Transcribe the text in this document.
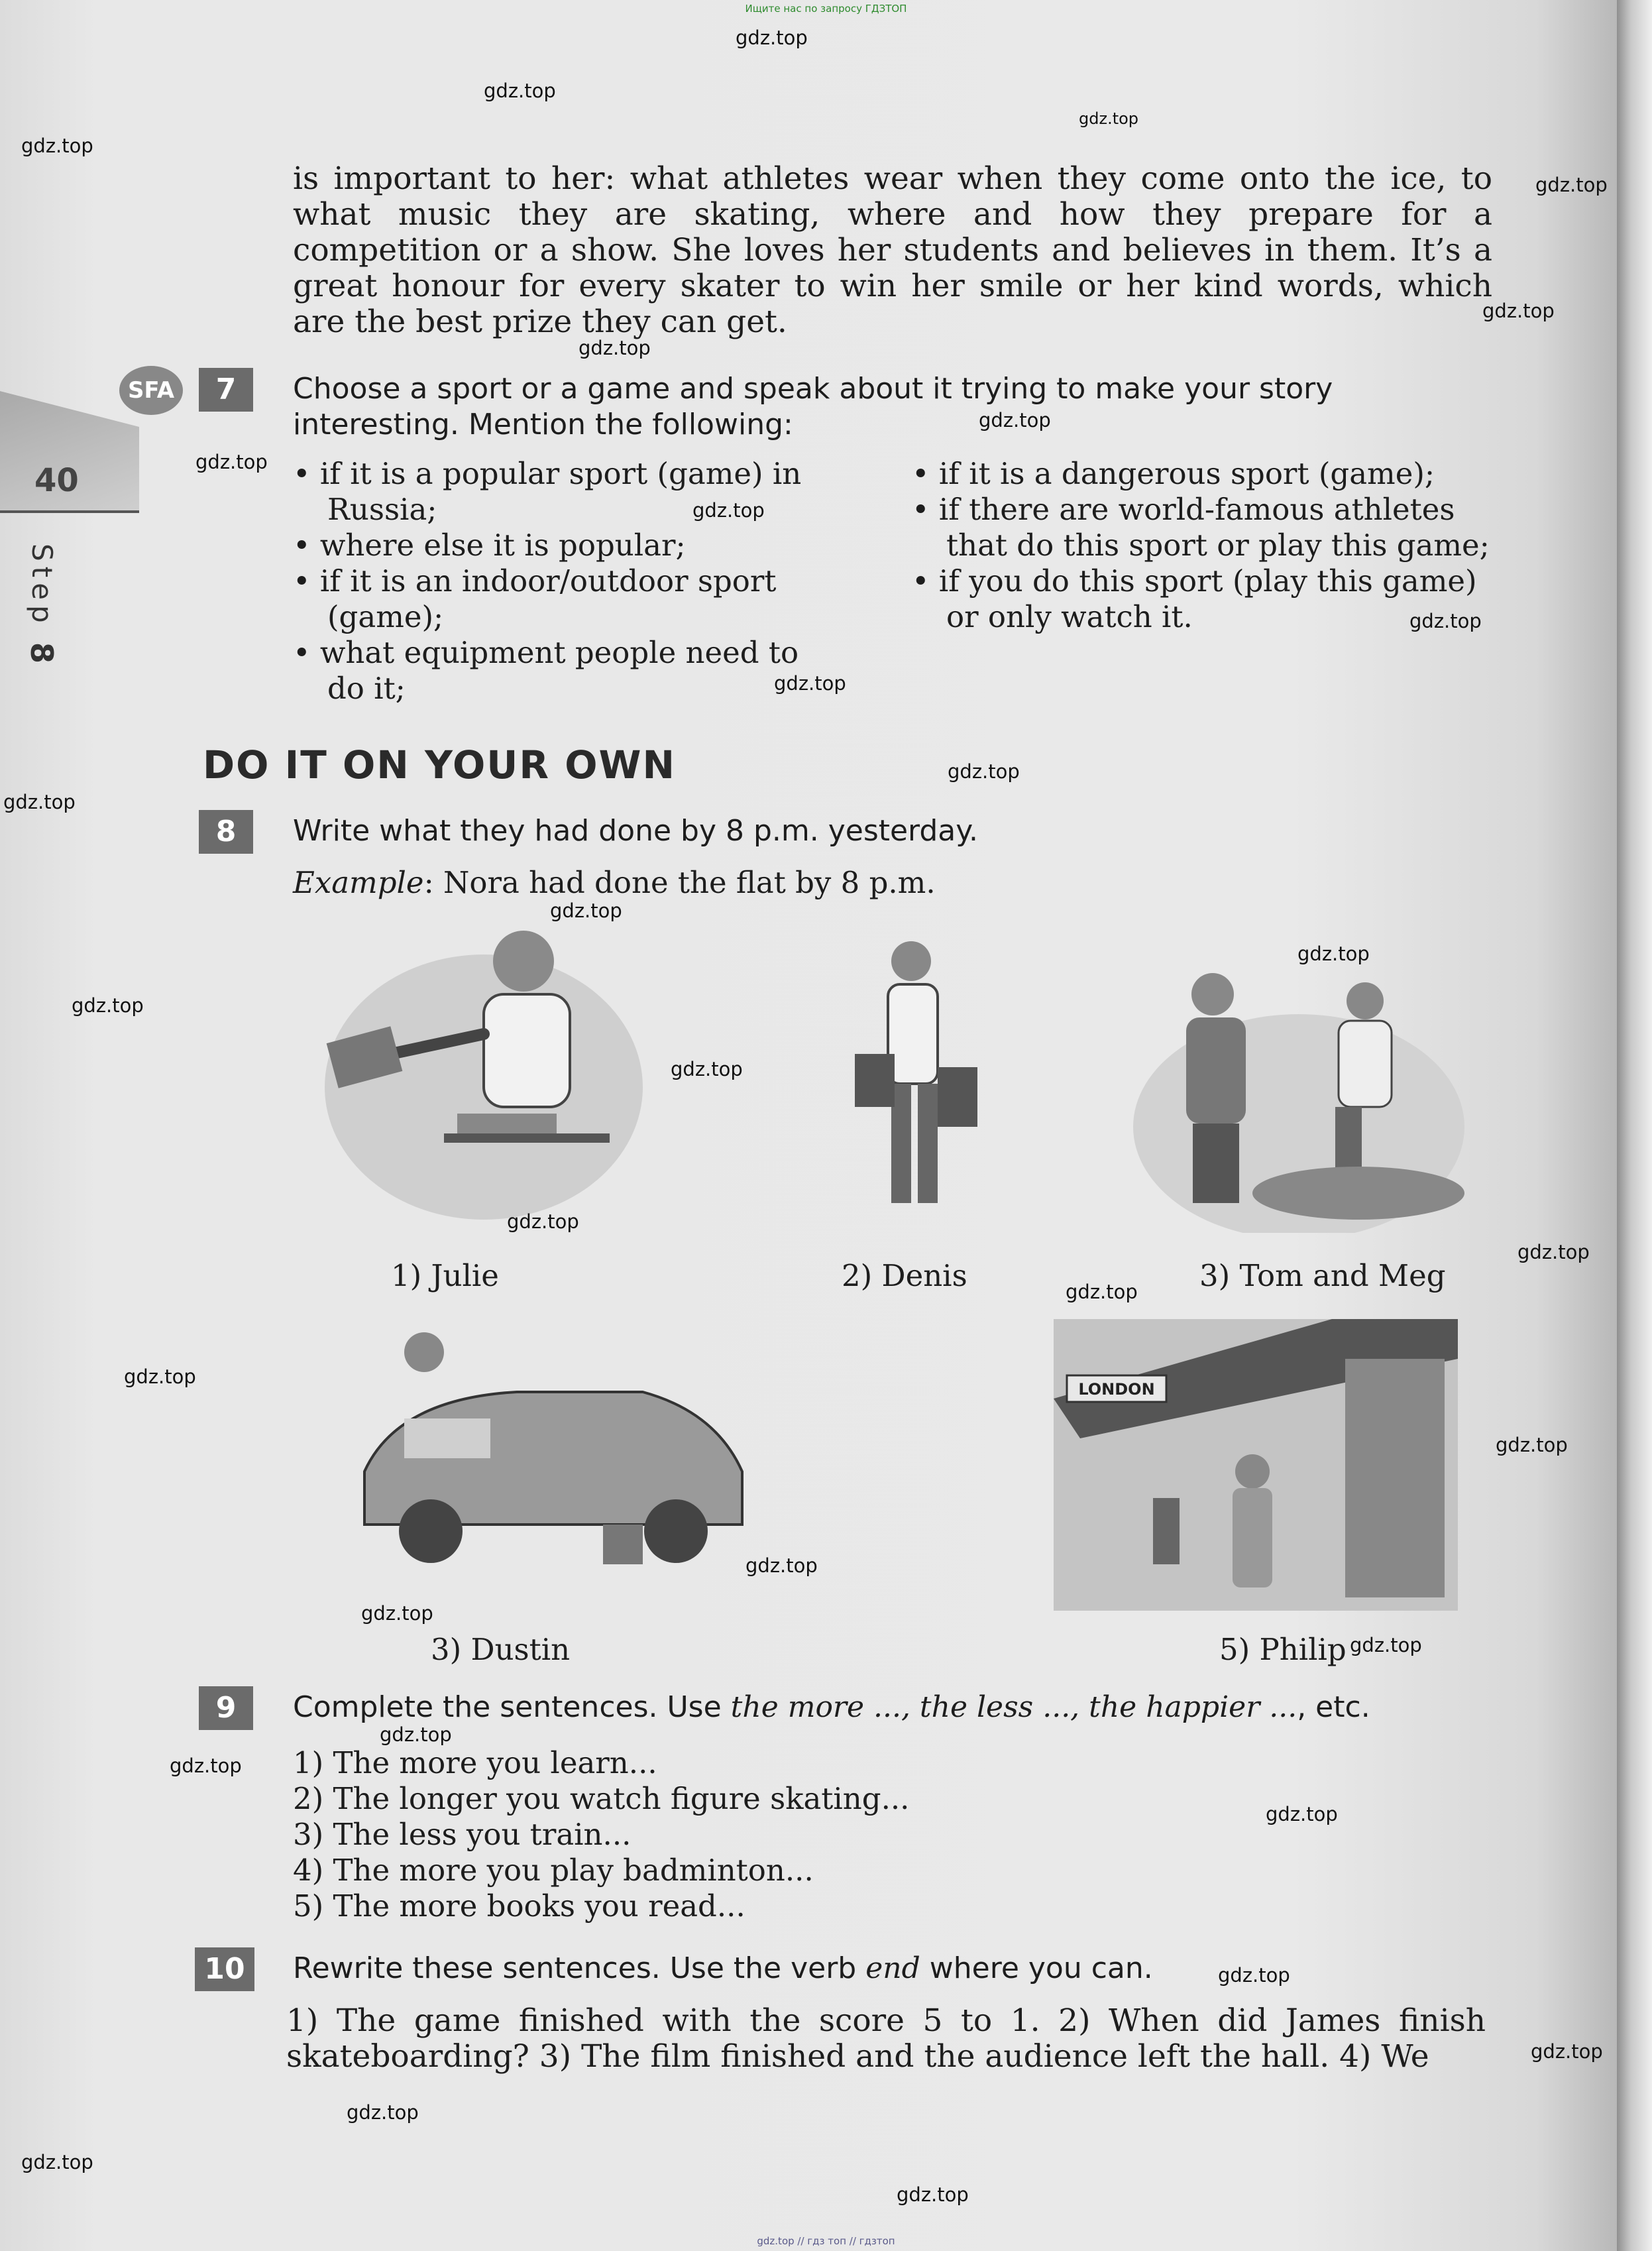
Ищите нас по запросу ГДЗТОП
40
Step 8
SFA

is important to her: what athletes wear when they come onto the ice, to what music they are skating, where and how they prepare for a competition or a show. She loves her students and believes in them. It’s a great honour for every skater to win her smile or her kind words, which are the best prize they can get.

7	Choose a sport or a game and speak about it trying to make your story interesting. Mention the following:
• if it is a popular sport (game) in Russia;
• where else it is popular;
• if it is an indoor/outdoor sport (game);
• what equipment people need to do it;
• if it is a dangerous sport (game);
• if there are world-famous athletes that do this sport or play this game;
• if you do this sport (play this game) or only watch it.
DO IT ON YOUR OWN
8	Write what they had done by 8 p.m. yesterday.
Example: Nora had done the flat by 8 p.m.
LONDON
1) Julie	2) Denis	3) Tom and Meg
3) Dustin	5) Philip
9	Complete the sentences. Use the more ..., the less ..., the happier ..., etc.
1) The more you learn...
2) The longer you watch figure skating...
3) The less you train...
4) The more you play badminton...
5) The more books you read...
10	Rewrite these sentences. Use the verb end where you can.

1) The game finished with the score 5 to 1. 2) When did James finish skateboarding? 3) The film finished and the audience left the hall. 4) We

gdz.top
gdz.top
gdz.top
gdz.top
gdz.top
gdz.top
gdz.top
gdz.top
gdz.top
gdz.top
gdz.top
gdz.top
gdz.top
gdz.top
gdz.top
gdz.top
gdz.top
gdz.top
gdz.top
gdz.top
gdz.top
gdz.top
gdz.top
gdz.top
gdz.top
gdz.top
gdz.top
gdz.top
gdz.top
gdz.top
gdz.top
gdz.top
gdz.top
gdz.top
gdz.top // гдз топ // гдзтоп
